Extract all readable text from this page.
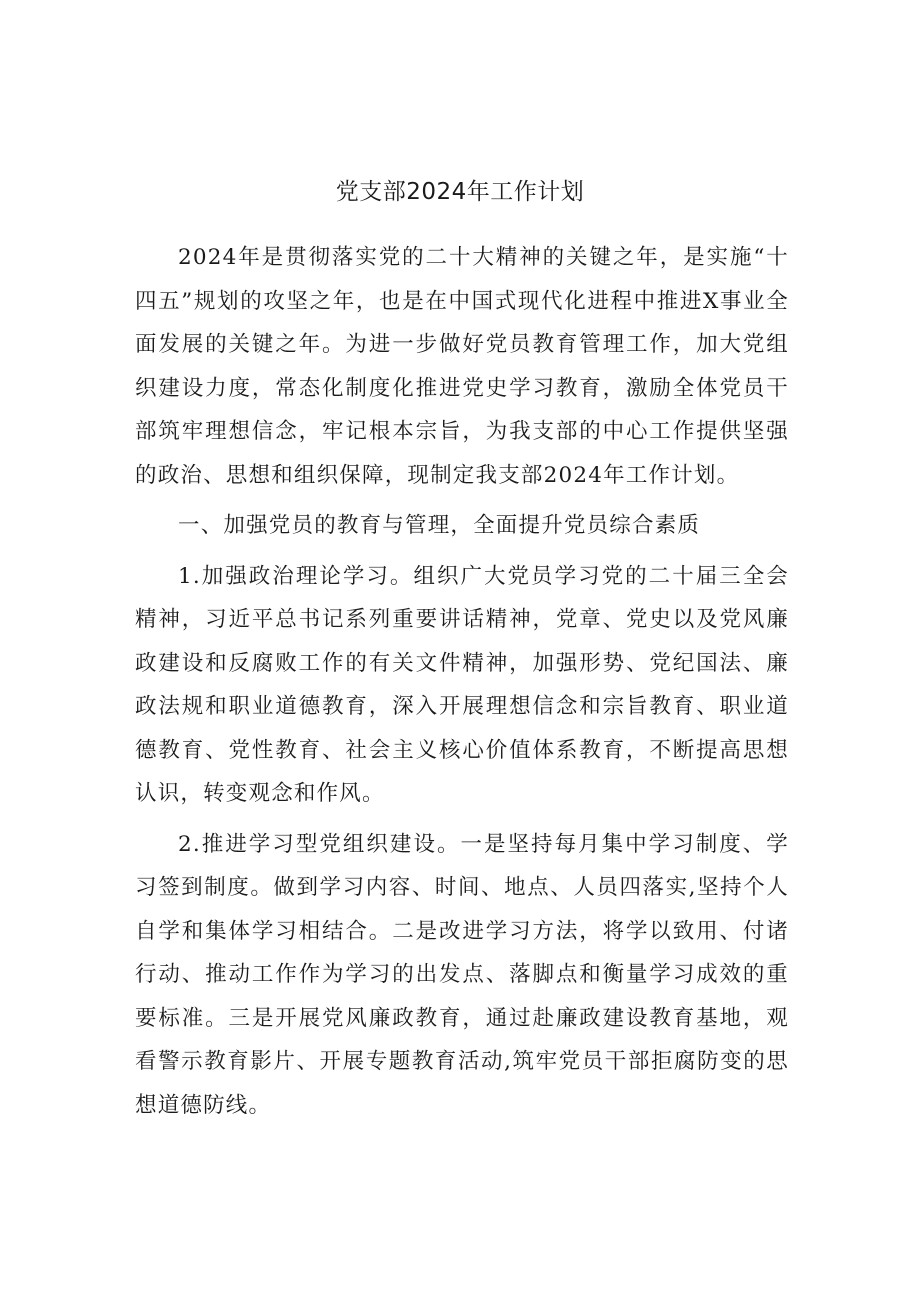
党支部2024年工作计划

2024年是贯彻落实党的二十大精神的关键之年，是实施“十四五”规划的攻坚之年，也是在中国式现代化进程中推进X事业全面发展的关键之年。为进一步做好党员教育管理工作，加大党组织建设力度，常态化制度化推进党史学习教育，激励全体党员干部筑牢理想信念，牢记根本宗旨，为我支部的中心工作提供坚强的政治、思想和组织保障，现制定我支部2024年工作计划。

一、加强党员的教育与管理，全面提升党员综合素质

1.加强政治理论学习。组织广大党员学习党的二十届三全会精神，习近平总书记系列重要讲话精神，党章、党史以及党风廉政建设和反腐败工作的有关文件精神，加强形势、党纪国法、廉政法规和职业道德教育，深入开展理想信念和宗旨教育、职业道德教育、党性教育、社会主义核心价值体系教育，不断提高思想认识，转变观念和作风。

2.推进学习型党组织建设。一是坚持每月集中学习制度、学习签到制度。做到学习内容、时间、地点、人员四落实,坚持个人自学和集体学习相结合。二是改进学习方法，将学以致用、付诸行动、推动工作作为学习的出发点、落脚点和衡量学习成效的重要标准。三是开展党风廉政教育，通过赴廉政建设教育基地，观看警示教育影片、开展专题教育活动,筑牢党员干部拒腐防变的思想道德防线。
